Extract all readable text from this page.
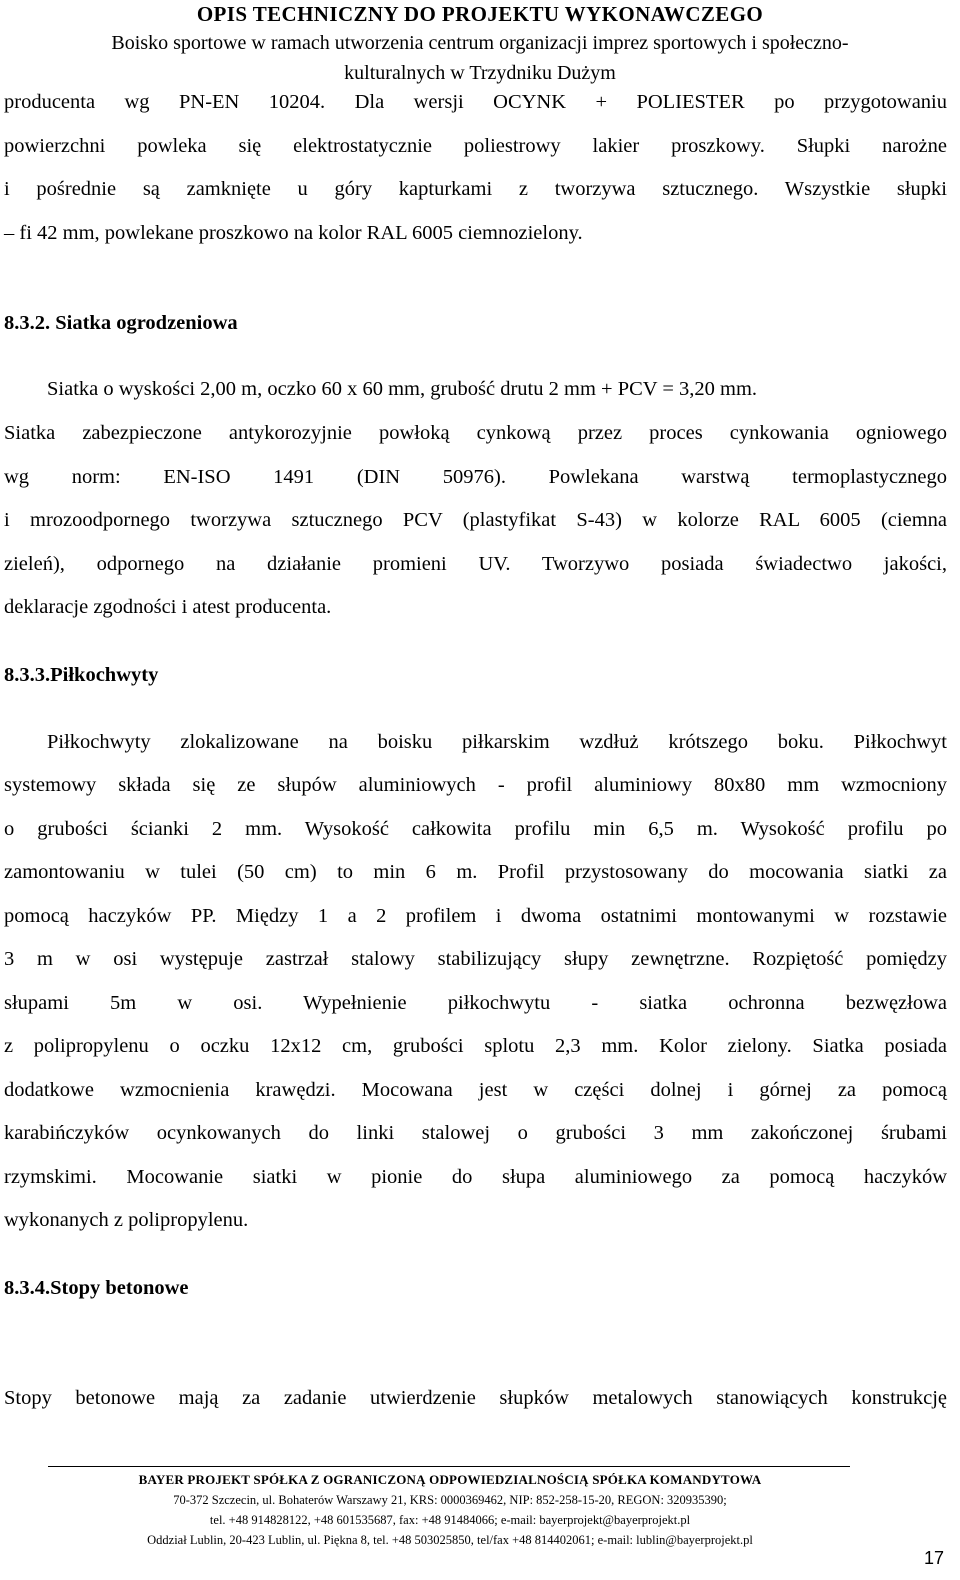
OPIS TECHNICZNY DO PROJEKTU WYKONAWCZEGO
Boisko sportowe w ramach utworzenia centrum organizacji imprez sportowych i społeczno-
kulturalnych w Trzydniku Dużym
producenta wg PN-EN 10204. Dla wersji OCYNK + POLIESTER po przygotowaniu
powierzchni powleka się elektrostatycznie poliestrowy lakier proszkowy. Słupki narożne
i pośrednie są zamknięte u góry kapturkami z tworzywa sztucznego. Wszystkie słupki
– fi 42 mm, powlekane proszkowo na kolor RAL 6005 ciemnozielony.
8.3.2. Siatka ogrodzeniowa
Siatka o wyskości 2,00 m, oczko 60 x 60 mm, grubość drutu 2 mm + PCV = 3,20 mm.
Siatka zabezpieczone antykorozyjnie powłoką cynkową przez proces cynkowania ogniowego
wg norm: EN-ISO 1491 (DIN 50976). Powlekana warstwą termoplastycznego
i mrozoodpornego tworzywa sztucznego PCV (plastyfikat S-43) w kolorze RAL 6005 (ciemna
zieleń), odpornego na działanie promieni UV. Tworzywo posiada świadectwo jakości,
deklaracje zgodności i atest producenta.
8.3.3.Piłkochwyty
Piłkochwyty zlokalizowane na boisku piłkarskim wzdłuż krótszego boku. Piłkochwyt
systemowy składa się ze słupów aluminiowych - profil aluminiowy 80x80 mm wzmocniony
o grubości ścianki 2 mm. Wysokość całkowita profilu min 6,5 m. Wysokość profilu po
zamontowaniu w tulei (50 cm) to min 6 m. Profil przystosowany do mocowania siatki za
pomocą haczyków PP. Między 1 a 2 profilem i dwoma ostatnimi montowanymi w rozstawie
3 m w osi występuje zastrzał stalowy stabilizujący słupy zewnętrzne. Rozpiętość pomiędzy
słupami 5m w osi. Wypełnienie piłkochwytu - siatka ochronna bezwęzłowa
z polipropylenu o oczku 12x12 cm, grubości splotu 2,3 mm. Kolor zielony. Siatka posiada
dodatkowe wzmocnienia krawędzi. Mocowana jest w części dolnej i górnej za pomocą
karabińczyków ocynkowanych do linki stalowej o grubości 3 mm zakończonej śrubami
rzymskimi. Mocowanie siatki w pionie do słupa aluminiowego za pomocą haczyków
wykonanych z polipropylenu.
8.3.4.Stopy betonowe
Stopy betonowe mają za zadanie utwierdzenie słupków metalowych stanowiących konstrukcję
BAYER PROJEKT SPÓŁKA Z OGRANICZONĄ ODPOWIEDZIALNOŚCIĄ SPÓŁKA KOMANDYTOWA
70-372 Szczecin, ul. Bohaterów Warszawy 21, KRS: 0000369462, NIP: 852-258-15-20, REGON: 320935390;
tel. +48 914828122, +48 601535687, fax: +48 91484066; e-mail: bayerprojekt@bayerprojekt.pl
Oddział Lublin, 20-423 Lublin, ul. Piękna 8, tel. +48 503025850, tel/fax +48 814402061; e-mail: lublin@bayerprojekt.pl
17
